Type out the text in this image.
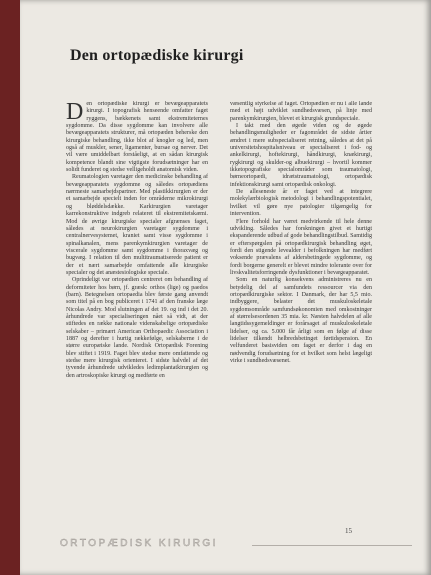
Den ortopædiske kirurgi

Den ortopædiske kirurgi er bevægeapparatets kirurgi. I topografisk henseende omfatter faget ryggens, bækkenets samt ekstremiteternes sygdomme. Da disse sygdomme kan involvere alle bevægeapparatets strukturer, må ortopæden beherske den kirurgiske behandling, ikke blot af knogler og led, men også af muskler, sener, ligamenter, bursae og nerver. Det vil være umiddelbart forståeligt, at en sådan kirurgisk kompetence blandt sine vigtigste forudsætninger har en solidt funderet og stedse velligeholdt anatomisk viden.

Reumatologien varetager den medicinske behandling af bevægeapparatets sygdomme og således ortopædiens nærmeste samarbejdspartner. Med plastikkirurgien er der et samarbejde specielt inden for områderne mikrokirurgi og bløddelsdække. Karkirurgien varetager karrekonstruktive indgreb relateret til ekstremitetskæmi. Mod de øvrige kirurgiske specialer afgrænses faget, således at neurokirurgien varetager sygdomme i centralnervesystemet, kraniet samt visse sygdomme i spinalkanalen, mens parenkymkirurgien varetager de viscerale sygdomme samt sygdomme i thoraxvæg og bugvæg. I relation til den multitraumatiserede patient er der et nært samarbejde omfattende alle kirurgiske specialer og det anæstesiologiske speciale.

Oprindeligt var ortopædien centreret om behandling af deformiteter hos børn, jf. græsk: orthos (lige) og paedos (barn). Betegnelsen ortopaedia blev første gang anvendt som titel på en bog publiceret i 1741 af den franske læge Nicolas Andry. Mod slutningen af det 19. og ind i det 20. århundrede var specialiseringen nået så vidt, at der stiftedes en række nationale videnskabelige ortopædiske selskaber – primært American Orthopaedic Association i 1887 og derefter i hurtig rækkefølge, selskaberne i de større europæiske lande. Nordisk Ortopædisk Forening blev stiftet i 1919. Faget blev stedse mere omfattende og stedse mere kirurgisk orienteret. I sidste halvdel af det tyvende århundrede udvikledes ledimplantatkirurgien og den artroskopiske kirurgi og medførte en

væsentlig styrkelse af faget. Ortopædien er nu i alle lande med et højt udviklet sundhedsvæsen, på linje med parenkymkirurgien, blevet et kirurgisk grundspeciale.

I takt med den øgede viden og de øgede behandlingsmuligheder er fagområdet de sidste årtier ændret i mere subspecialiseret retning, således at det på universitetshospitalsniveau er specialiseret i fod- og ankelkirurgi, hoftekirurgi, håndkirurgi, knækirurgi, rygkirurgi og skulder-og albuekirurgi – hvortil kommer ikketopografiske specialområder som traumatologi, børneortopædi, idrætstraumatologi, ortopædisk infektionskirurgi samt ortopædisk onkologi.

De alleseneste år er faget ved at integrere molekylærbiologisk metodologi i behandlingspotentialet, hvilket vil gøre nye patologier tilgængelig for intervention.

Flere forhold har været medvirkende til hele denne udvikling. Således har forskningen givet et hurtigt ekspanderende udbud af gode behandlingstilbud. Samtidig er efterspørgslen på ortopædkirurgisk behandling øget, fordi den stigende levealder i befolkningen har medført voksende prævalens af aldersbetingede sygdomme, og fordi borgerne generelt er blevet mindre tolerante over for livskvalitetsforringende dysfunktioner i bevægeapparatet.

Som en naturlig konsekvens administreres nu en betydelig del af samfundets ressourcer via den ortopædkirurgiske sektor. I Danmark, der har 5,5 mio. indbyggere, belaster det muskuloskeletale sygdomsområde samfundsøkonomien med omkostninger af størrelsesordenen 35 mia. kr. Næsten halvdelen af alle langtidssygemeldinger er forårsaget af muskuloskeletale lidelser, og ca. 5.000 får årligt som en følge af disse lidelser tilkendt helbredsbetinget førtidspension. En velfunderet basisviden om faget er derfor i dag en nødvendig forudsætning for et hvilket som helst lægeligt virke i sundhedsvæsenet.

15
ORTOPÆDISK KIRURGI
